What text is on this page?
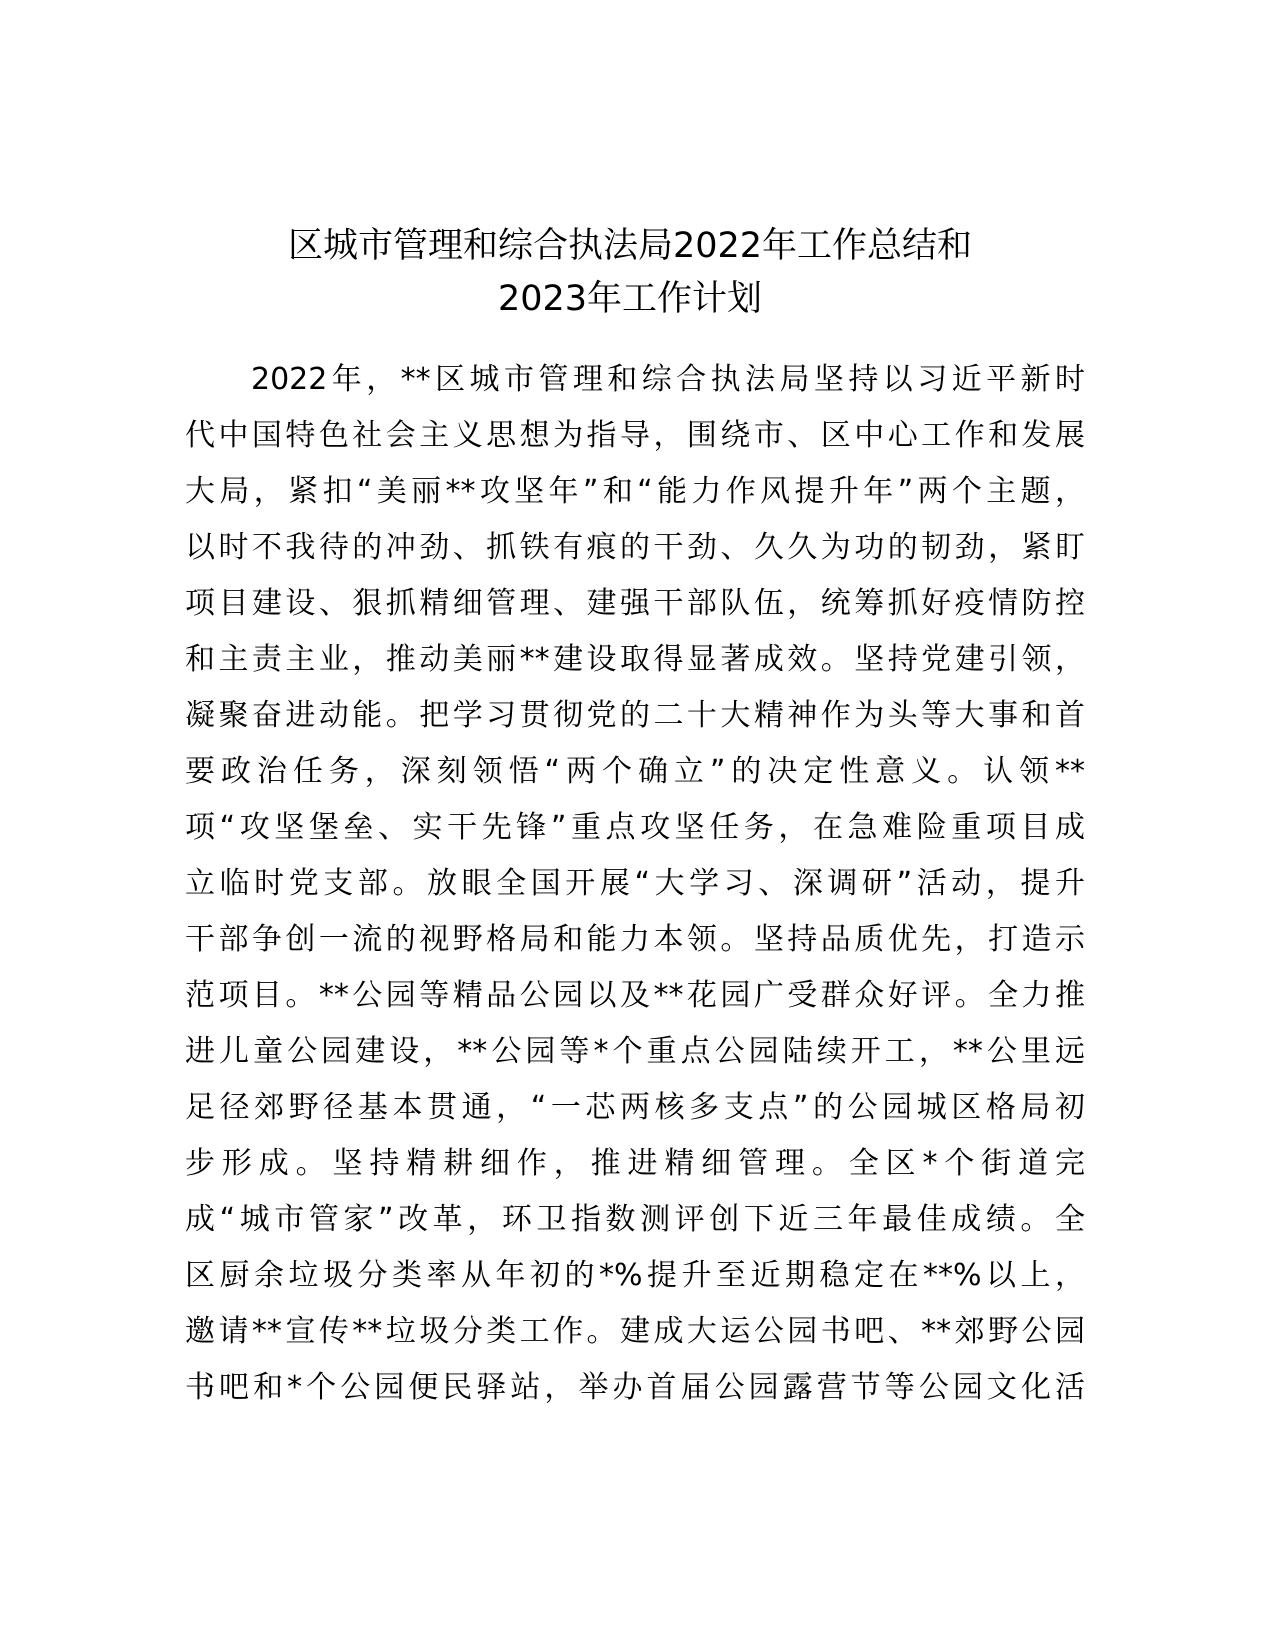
区城市管理和综合执法局2022年工作总结和
2023年工作计划
2022年，**区城市管理和综合执法局坚持以习近平新时
代中国特色社会主义思想为指导，围绕市、区中心工作和发展
大局，紧扣“美丽**攻坚年”和“能力作风提升年”两个主题，
以时不我待的冲劲、抓铁有痕的干劲、久久为功的韧劲，紧盯
项目建设、狠抓精细管理、建强干部队伍，统筹抓好疫情防控
和主责主业，推动美丽**建设取得显著成效。坚持党建引领，
凝聚奋进动能。把学习贯彻党的二十大精神作为头等大事和首
要政治任务，深刻领悟“两个确立”的决定性意义。认领**
项“攻坚堡垒、实干先锋”重点攻坚任务，在急难险重项目成
立临时党支部。放眼全国开展“大学习、深调研”活动，提升
干部争创一流的视野格局和能力本领。坚持品质优先，打造示
范项目。**公园等精品公园以及**花园广受群众好评。全力推
进儿童公园建设，**公园等*个重点公园陆续开工，**公里远
足径郊野径基本贯通，“一芯两核多支点”的公园城区格局初
步形成。坚持精耕细作，推进精细管理。全区*个街道完
成“城市管家”改革，环卫指数测评创下近三年最佳成绩。全
区厨余垃圾分类率从年初的*%提升至近期稳定在**%以上，
邀请**宣传**垃圾分类工作。建成大运公园书吧、**郊野公园
书吧和*个公园便民驿站，举办首届公园露营节等公园文化活
